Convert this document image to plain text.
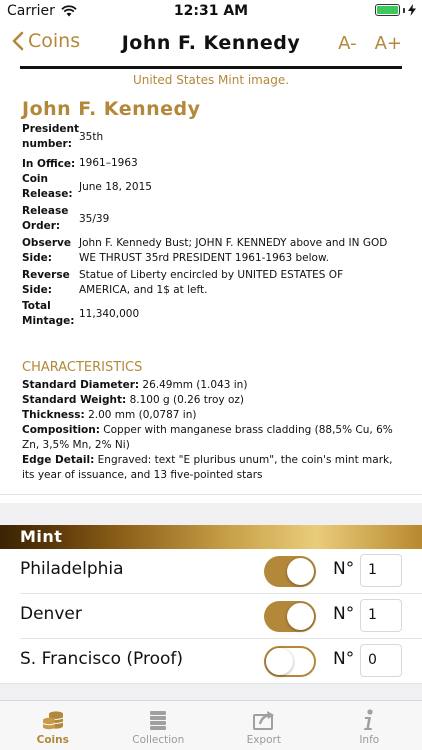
Carrier	12:31 AM
Coins	John F. Kennedy	A- A+
United States Mint image.
John F. Kennedy
President number:
35th
In Office: 1961–1963
Coin Release:
June 18, 2015
Release Order:
35/39
Observe Side:
John F. Kennedy Bust; JOHN F. KENNEDY above and IN GOD WE THRUST 35rd PRESIDENT 1961-1963 below.
Reverse Side:
Statue of Liberty encircled by UNITED ESTATES OF AMERICA, and 1$ at left.
Total Mintage:
11,340,000
CHARACTERISTICS
Standard Diameter: 26.49mm (1.043 in)
Standard Weight: 8.100 g (0.26 troy oz)
Thickness: 2.00 mm (0,0787 in)
Composition: Copper with manganese brass cladding (88,5% Cu, 6% Zn, 3,5% Mn, 2% Ni)
Edge Detail: Engraved: text "E pluribus unum", the coin's mint mark, its year of issuance, and 13 five-pointed stars
Mint
Philadelphia	N° 1
Denver	N° 1
S. Francisco (Proof)	N° 0
Coins	Collection	Export	Info
